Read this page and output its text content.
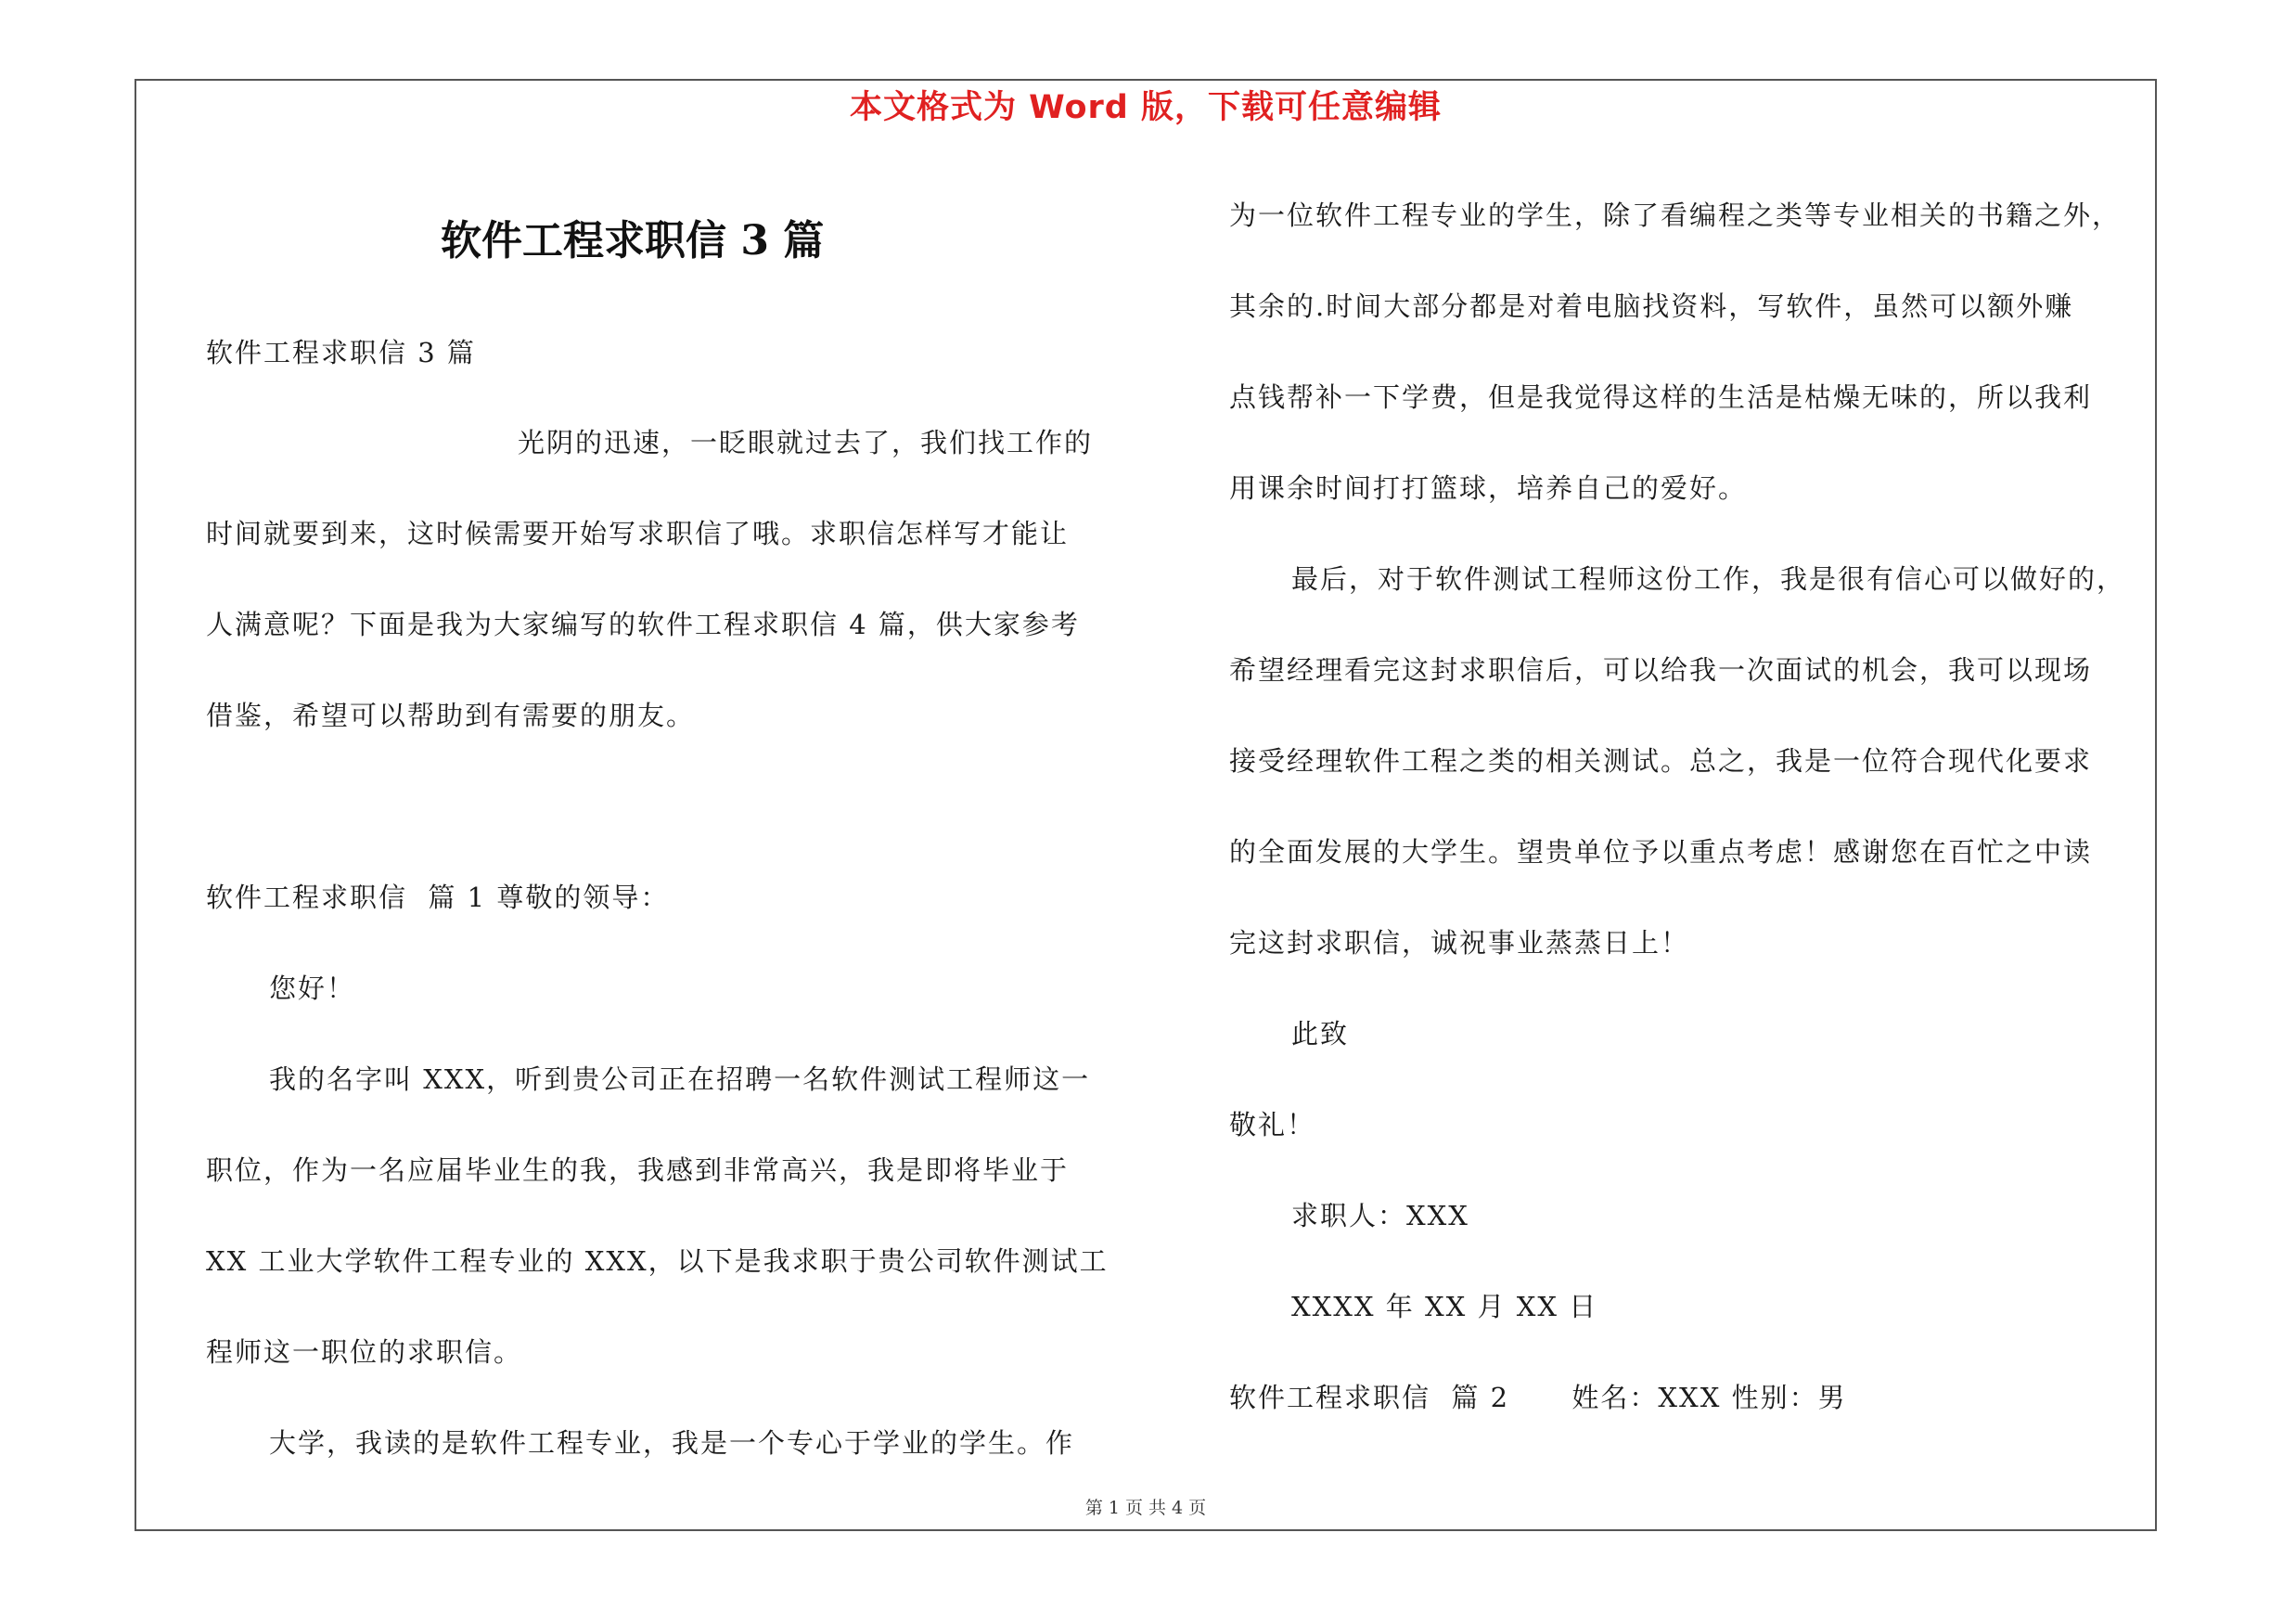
本文格式为 Word 版，下载可任意编辑
软件工程求职信 3 篇
软件工程求职信 3 篇
光阴的迅速，一眨眼就过去了，我们找工作的
时间就要到来，这时候需要开始写求职信了哦。求职信怎样写才能让
人满意呢？下面是我为大家编写的软件工程求职信 4 篇，供大家参考
借鉴，希望可以帮助到有需要的朋友。
软件工程求职信  篇 1 尊敬的领导：
您好！
我的名字叫 XXX，听到贵公司正在招聘一名软件测试工程师这一
职位，作为一名应届毕业生的我，我感到非常高兴，我是即将毕业于
XX 工业大学软件工程专业的 XXX，以下是我求职于贵公司软件测试工
程师这一职位的求职信。
大学，我读的是软件工程专业，我是一个专心于学业的学生。作
为一位软件工程专业的学生，除了看编程之类等专业相关的书籍之外，
其余的.时间大部分都是对着电脑找资料，写软件，虽然可以额外赚
点钱帮补一下学费，但是我觉得这样的生活是枯燥无味的，所以我利
用课余时间打打篮球，培养自己的爱好。
最后，对于软件测试工程师这份工作，我是很有信心可以做好的，
希望经理看完这封求职信后，可以给我一次面试的机会，我可以现场
接受经理软件工程之类的相关测试。总之，我是一位符合现代化要求
的全面发展的大学生。望贵单位予以重点考虑！感谢您在百忙之中读
完这封求职信，诚祝事业蒸蒸日上！
此致
敬礼！
求职人：XXX
XXXX 年 XX 月 XX 日
软件工程求职信  篇 2      姓名：XXX 性别：男
第 1 页 共 4 页
